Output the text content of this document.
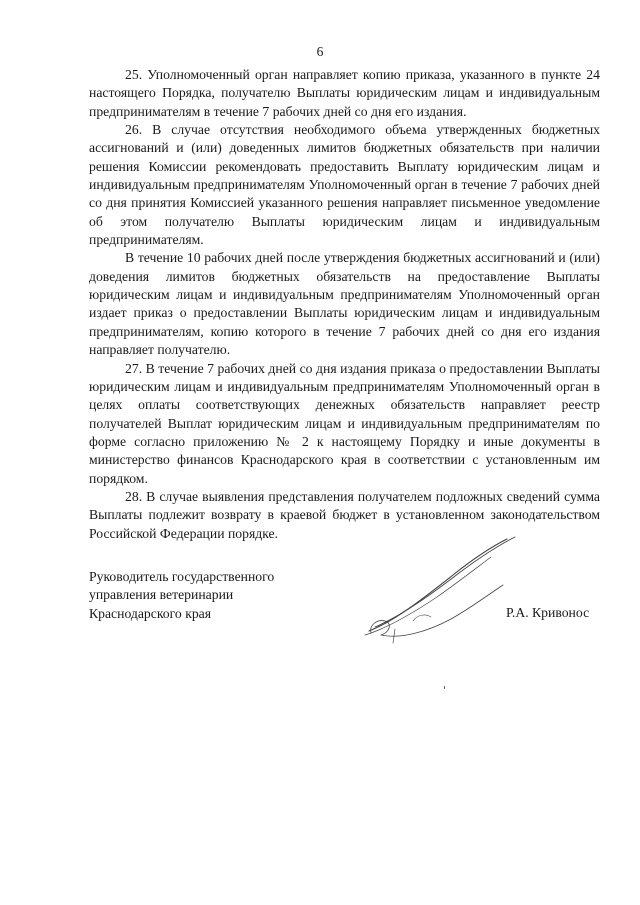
6

25. Уполномоченный орган направляет копию приказа, указанного в пункте 24 настоящего Порядка, получателю Выплаты юридическим лицам и индивидуальным предпринимателям в течение 7 рабочих дней со дня его издания.

26. В случае отсутствия необходимого объема утвержденных бюджетных ассигнований и (или) доведенных лимитов бюджетных обязательств при наличии решения Комиссии рекомендовать предоставить Выплату юридическим лицам и индивидуальным предпринимателям Уполномоченный орган в течение 7 рабочих дней со дня принятия Комиссией указанного решения направляет письменное уведомление об этом получателю Выплаты юридическим лицам и индивидуальным предпринимателям.

В течение 10 рабочих дней после утверждения бюджетных ассигнований и (или) доведения лимитов бюджетных обязательств на предоставление Выплаты юридическим лицам и индивидуальным предпринимателям Уполномоченный орган издает приказ о предоставлении Выплаты юридическим лицам и индивидуальным предпринимателям, копию которого в течение 7 рабочих дней со дня его издания направляет получателю.

27. В течение 7 рабочих дней со дня издания приказа о предоставлении Выплаты юридическим лицам и индивидуальным предпринимателям Уполномоченный орган в целях оплаты соответствующих денежных обязательств направляет реестр получателей Выплат юридическим лицам и индивидуальным предпринимателям по форме согласно приложению № 2 к настоящему Порядку и иные документы в министерство финансов Краснодарского края в соответствии с установленным им порядком.

28. В случае выявления представления получателем подложных сведений сумма Выплаты подлежит возврату в краевой бюджет в установленном законодательством Российской Федерации порядке.

Руководитель государственного
управления ветеринарии
Краснодарского края	Р.А. Кривонос
